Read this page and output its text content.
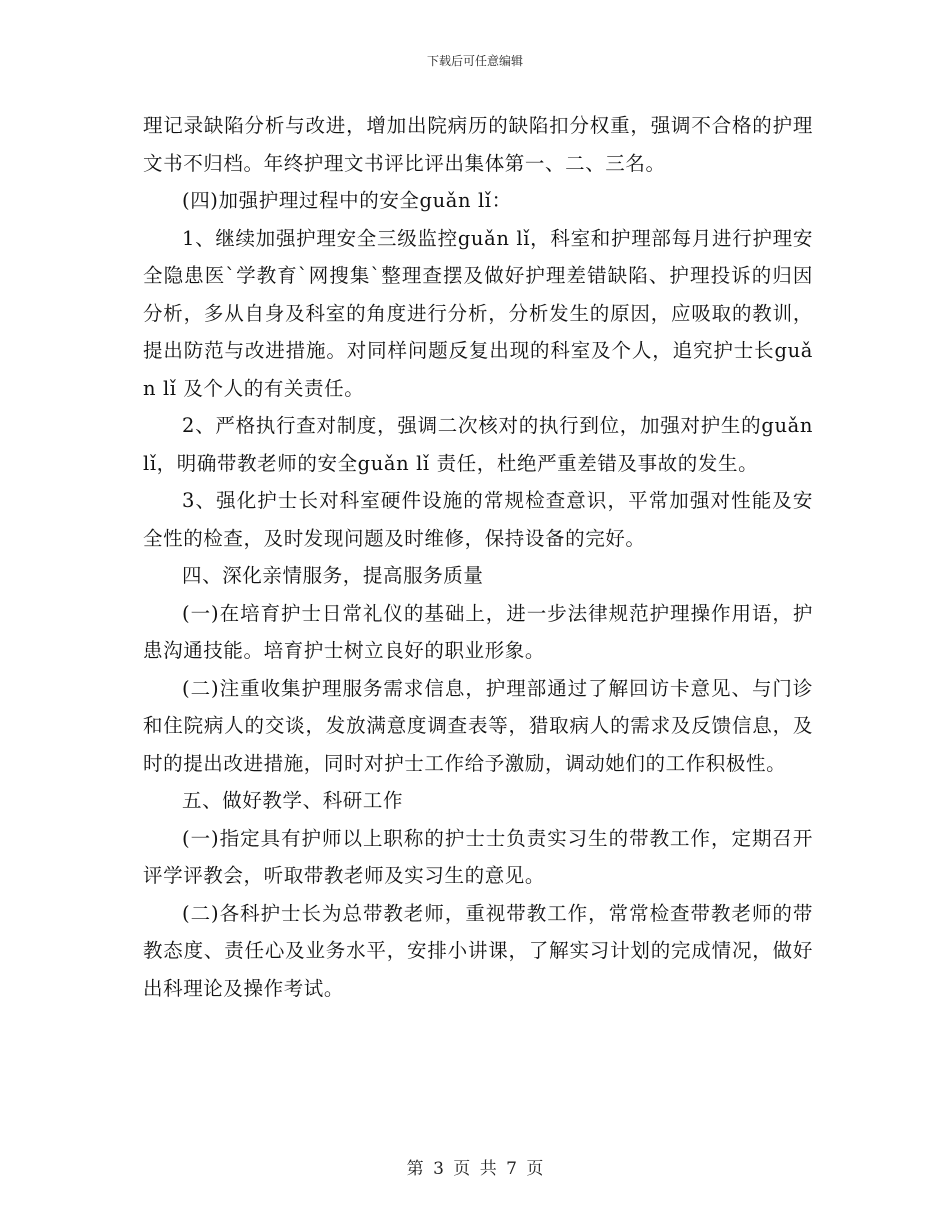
下载后可任意编辑

理记录缺陷分析与改进，增加出院病历的缺陷扣分权重，强调不合格的护理文书不归档。年终护理文书评比评出集体第一、二、三名。

(四)加强护理过程中的安全guǎn lǐ：

1、继续加强护理安全三级监控guǎn lǐ，科室和护理部每月进行护理安全隐患医`学教育`网搜集`整理查摆及做好护理差错缺陷、护理投诉的归因分析，多从自身及科室的角度进行分析，分析发生的原因，应吸取的教训，提出防范与改进措施。对同样问题反复出现的科室及个人，追究护士长guǎn lǐ 及个人的有关责任。

2、严格执行查对制度，强调二次核对的执行到位，加强对护生的guǎn lǐ，明确带教老师的安全guǎn lǐ 责任，杜绝严重差错及事故的发生。

3、强化护士长对科室硬件设施的常规检查意识，平常加强对性能及安全性的检查，及时发现问题及时维修，保持设备的完好。

四、深化亲情服务，提高服务质量

(一)在培育护士日常礼仪的基础上，进一步法律规范护理操作用语，护患沟通技能。培育护士树立良好的职业形象。

(二)注重收集护理服务需求信息，护理部通过了解回访卡意见、与门诊和住院病人的交谈，发放满意度调查表等，猎取病人的需求及反馈信息，及时的提出改进措施，同时对护士工作给予激励，调动她们的工作积极性。

五、做好教学、科研工作

(一)指定具有护师以上职称的护士士负责实习生的带教工作，定期召开评学评教会，听取带教老师及实习生的意见。

(二)各科护士长为总带教老师，重视带教工作，常常检查带教老师的带教态度、责任心及业务水平，安排小讲课，了解实习计划的完成情况，做好出科理论及操作考试。

第 3 页 共 7 页
